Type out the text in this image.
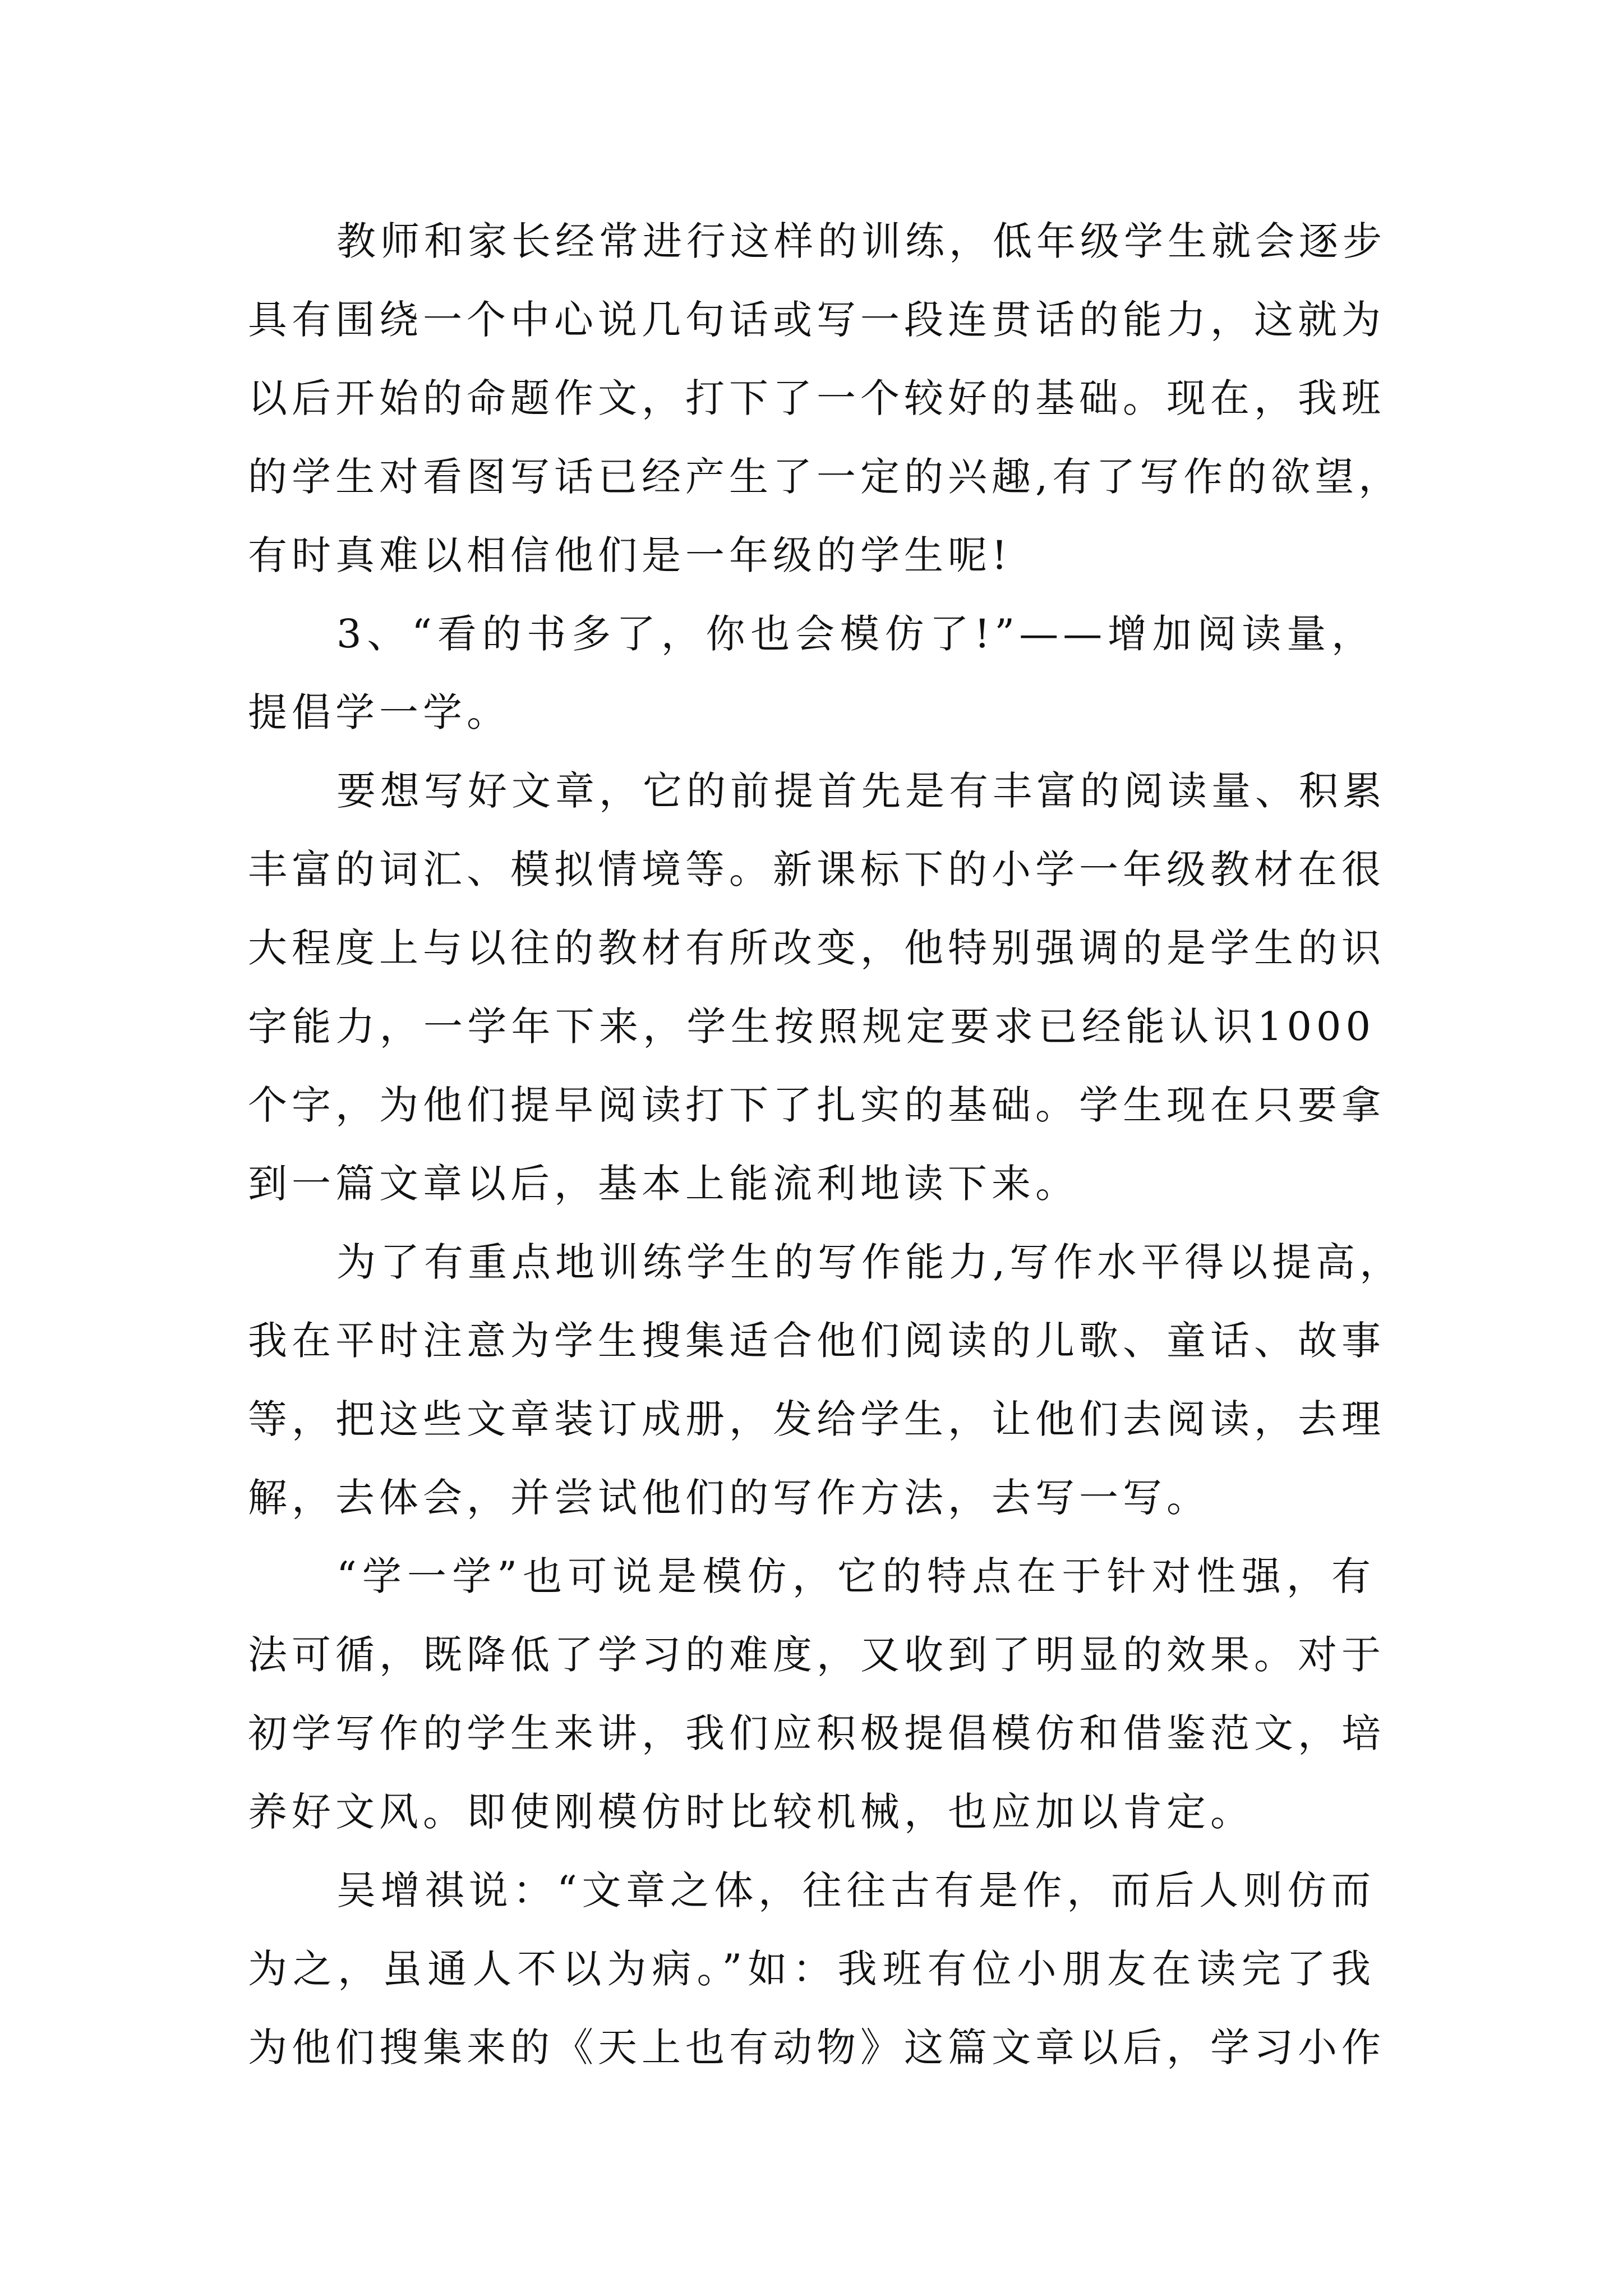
教师和家长经常进行这样的训练，低年级学生就会逐步
具有围绕一个中心说几句话或写一段连贯话的能力，这就为
以后开始的命题作文，打下了一个较好的基础。现在，我班
的学生对看图写话已经产生了一定的兴趣,有了写作的欲望，
有时真难以相信他们是一年级的学生呢!
3、“看的书多了，你也会模仿了!”——增加阅读量，
提倡学一学。
要想写好文章，它的前提首先是有丰富的阅读量、积累
丰富的词汇、模拟情境等。新课标下的小学一年级教材在很
大程度上与以往的教材有所改变，他特别强调的是学生的识
字能力，一学年下来，学生按照规定要求已经能认识1000
个字，为他们提早阅读打下了扎实的基础。学生现在只要拿
到一篇文章以后，基本上能流利地读下来。
为了有重点地训练学生的写作能力,写作水平得以提高，
我在平时注意为学生搜集适合他们阅读的儿歌、童话、故事
等，把这些文章装订成册，发给学生，让他们去阅读，去理
解，去体会，并尝试他们的写作方法，去写一写。
“学一学”也可说是模仿，它的特点在于针对性强，有
法可循，既降低了学习的难度，又收到了明显的效果。对于
初学写作的学生来讲，我们应积极提倡模仿和借鉴范文，培
养好文风。即使刚模仿时比较机械，也应加以肯定。
吴增祺说：“文章之体，往往古有是作，而后人则仿而
为之，虽通人不以为病。”如：我班有位小朋友在读完了我
为他们搜集来的《天上也有动物》这篇文章以后，学习小作
